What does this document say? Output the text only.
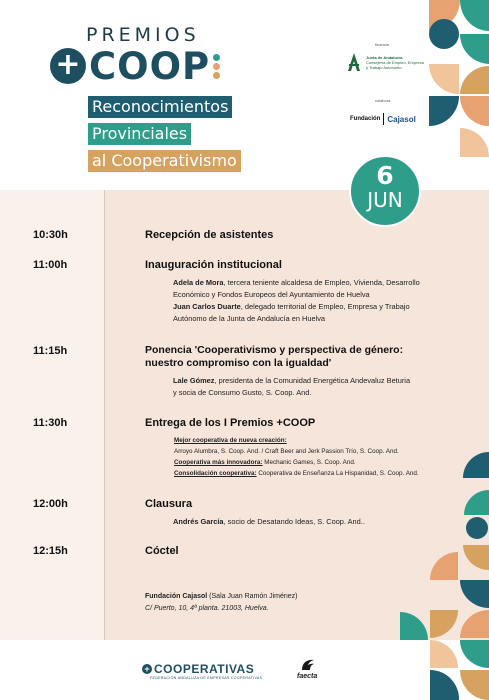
PREMIOS
+ COOP
Reconocimientos
Provinciales
al Cooperativismo
financia
Junta de Andalucía
Consejería de Empleo, Empresa y Trabajo Autónomo
colabora
Fundación Cajasol
10:30h	Recepción de asistentes
11:00h	Inauguración institucional
Adela de Mora, tercera teniente alcaldesa de Empleo, Vivienda, Desarrollo
Económico y Fondos Europeos del Ayuntamiento de Huelva
Juan Carlos Duarte, delegado territorial de Empleo, Empresa y Trabajo
Autónomo de la Junta de Andalucía en Huelva
11:15h	Ponencia 'Cooperativismo y perspectiva de género:
nuestro compromiso con la igualdad'
Lale Gómez, presidenta de la Comunidad Energética Andevaluz Beturia
y socia de Consumo Gusto, S. Coop. And.
11:30h	Entrega de los I Premios +COOP
Mejor cooperativa de nueva creación:
Arroyo Alumbra, S. Coop. And. / Craft Beer and Jerk Passion Trío, S. Coop. And.
Cooperativa más innovadora: Mechanic Games, S. Coop. And.
Consolidación cooperativa: Cooperativa de Enseñanza La Hispanidad, S. Coop. And.
12:00h	Clausura
Andrés García, socio de Desatando Ideas, S. Coop. And..
12:15h	Cóctel
Fundación Cajasol (Sala Juan Ramón Jiménez)
C/ Puerto, 10, 4ª planta. 21003, Huelva.
6
JUN
+ COOPERATIVAS
FEDERACIÓN ANDALUZA DE EMPRESAS COOPERATIVAS	faecta
